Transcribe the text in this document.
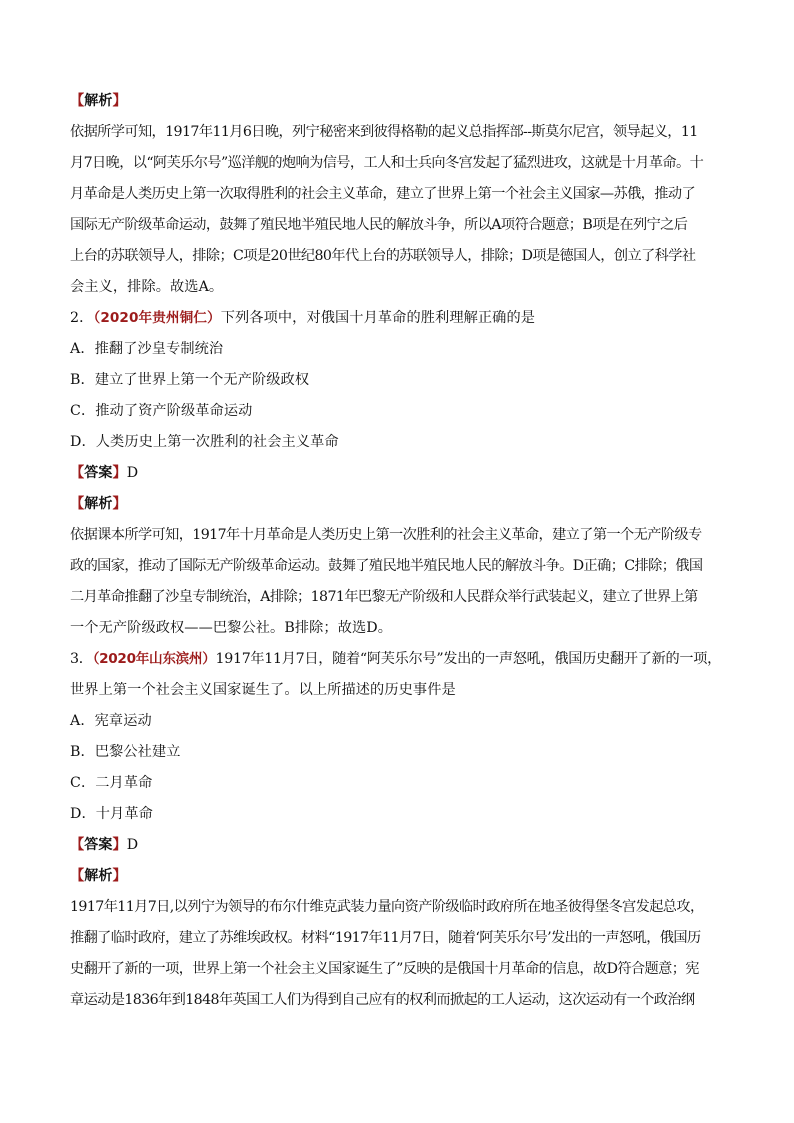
【解析】
依据所学可知，1917年11月6日晚，列宁秘密来到彼得格勒的起义总指挥部--斯莫尔尼宫，领导起义，11
月7日晚，以“阿芙乐尔号”巡洋舰的炮响为信号，工人和士兵向冬宫发起了猛烈进攻，这就是十月革命。十
月革命是人类历史上第一次取得胜利的社会主义革命，建立了世界上第一个社会主义国家—苏俄，推动了
国际无产阶级革命运动，鼓舞了殖民地半殖民地人民的解放斗争，所以A项符合题意；B项是在列宁之后
上台的苏联领导人，排除；C项是20世纪80年代上台的苏联领导人，排除；D项是德国人，创立了科学社
会主义，排除。故选A。
2．（2020年贵州铜仁）下列各项中，对俄国十月革命的胜利理解正确的是
A．推翻了沙皇专制统治
B．建立了世界上第一个无产阶级政权
C．推动了资产阶级革命运动
D．人类历史上第一次胜利的社会主义革命
【答案】D
【解析】
依据课本所学可知，1917年十月革命是人类历史上第一次胜利的社会主义革命，建立了第一个无产阶级专
政的国家，推动了国际无产阶级革命运动。鼓舞了殖民地半殖民地人民的解放斗争。D正确；C排除；俄国
二月革命推翻了沙皇专制统治，A排除；1871年巴黎无产阶级和人民群众举行武装起义，建立了世界上第
一个无产阶级政权——巴黎公社。B排除；故选D。
3．（2020年山东滨州）1917年11月7日，随着“阿芙乐尔号”发出的一声怒吼，俄国历史翻开了新的一项，
世界上第一个社会主义国家诞生了。以上所描述的历史事件是
A．宪章运动
B．巴黎公社建立
C．二月革命
D．十月革命
【答案】D
【解析】
1917年11月7日,以列宁为领导的布尔什维克武装力量向资产阶级临时政府所在地圣彼得堡冬宫发起总攻，
推翻了临时政府，建立了苏维埃政权。材料“1917年11月7日，随着‘阿芙乐尔号’发出的一声怒吼，俄国历
史翻开了新的一项，世界上第一个社会主义国家诞生了”反映的是俄国十月革命的信息，故D符合题意；宪
章运动是1836年到1848年英国工人们为得到自己应有的权利而掀起的工人运动，这次运动有一个政治纲
